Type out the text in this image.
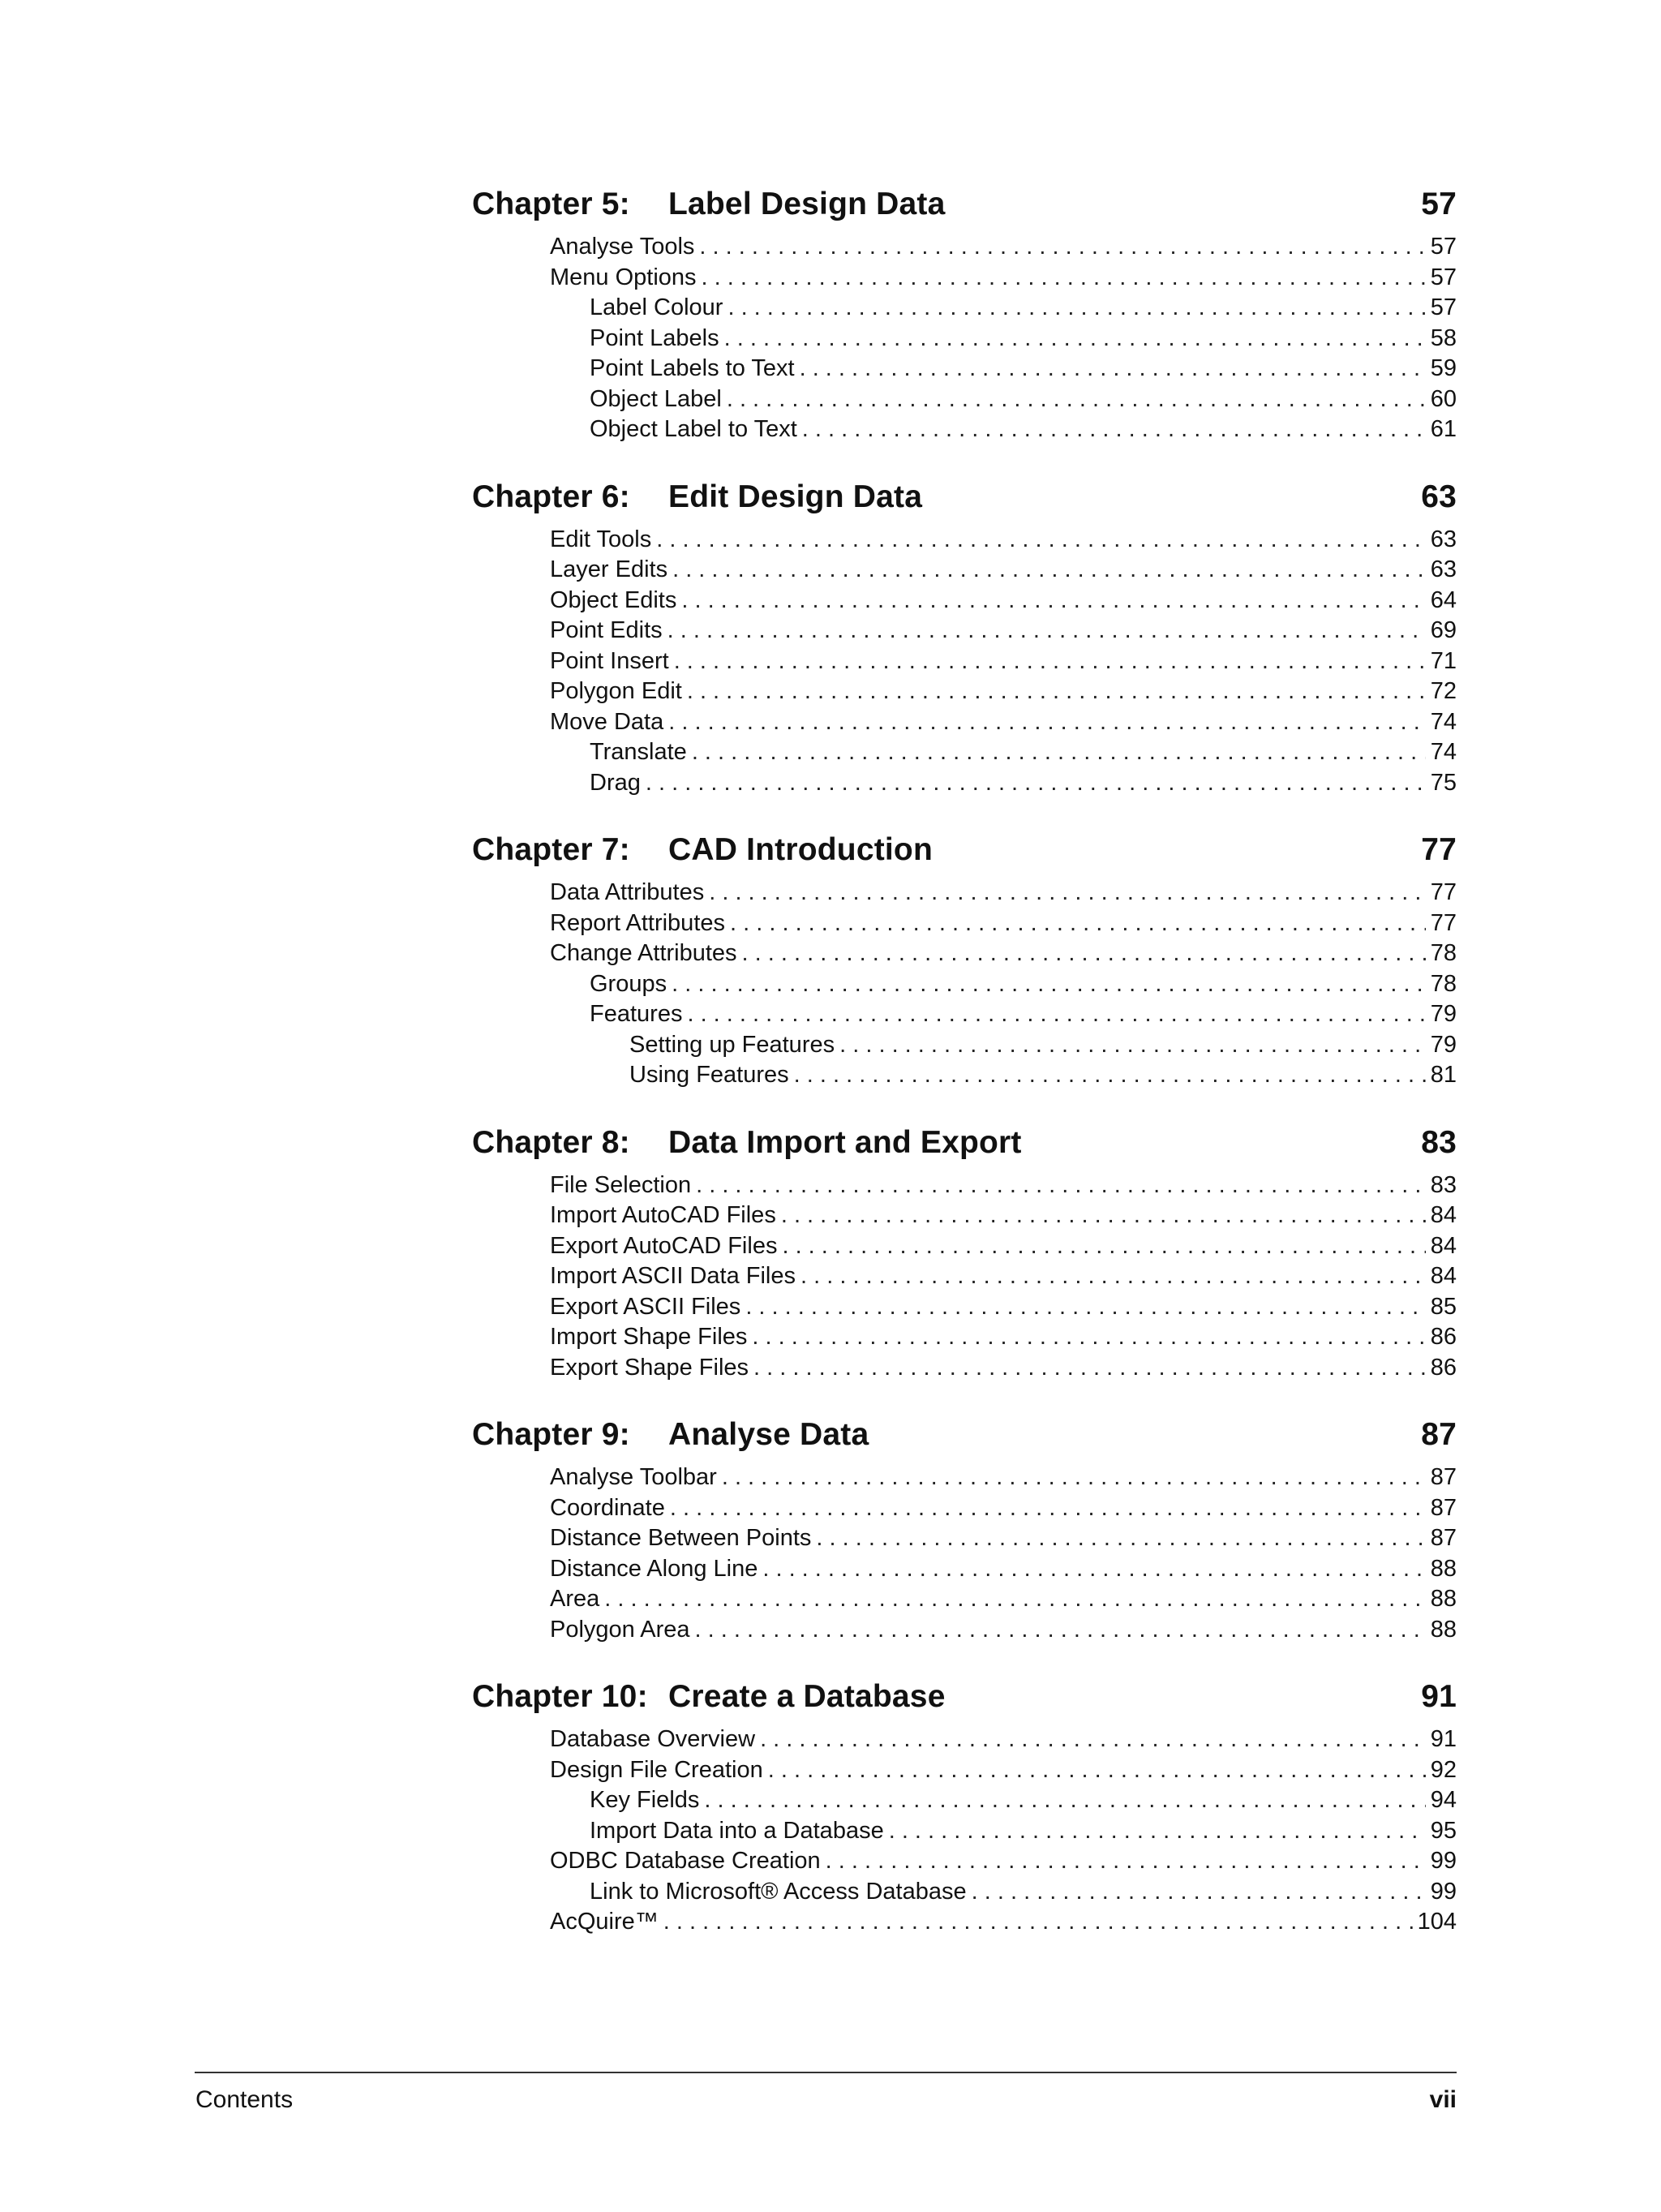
Chapter 5:	Label Design Data	57
Analyse Tools . . .	57
Menu Options . . .	57
Label Colour . . .	57
Point Labels . . .	58
Point Labels to Text . . .	59
Object Label . . .	60
Object Label to Text . . .	61
Chapter 6:	Edit Design Data	63
Edit Tools . . .	63
Layer Edits . . .	63
Object Edits . . .	64
Point Edits . . .	69
Point Insert . . .	71
Polygon Edit . . .	72
Move Data . . .	74
Translate . . .	74
Drag . . .	75
Chapter 7:	CAD Introduction	77
Data Attributes . . .	77
Report Attributes . . .	77
Change Attributes . . .	78
Groups . . .	78
Features . . .	79
Setting up Features . . .	79
Using Features . . .	81
Chapter 8:	Data Import and Export	83
File Selection . . .	83
Import AutoCAD Files . . .	84
Export AutoCAD Files . . .	84
Import ASCII Data Files . . .	84
Export ASCII Files . . .	85
Import Shape Files . . .	86
Export Shape Files . . .	86
Chapter 9:	Analyse Data	87
Analyse Toolbar . . .	87
Coordinate . . .	87
Distance Between Points . . .	87
Distance Along Line . . .	88
Area . . .	88
Polygon Area . . .	88
Chapter 10: Create a Database	91
Database Overview . . .	91
Design File Creation . . .	92
Key Fields . . .	94
Import Data into a Database . . .	95
ODBC Database Creation . . .	99
Link to Microsoft® Access Database . . .	99
AcQuire™ . . .	104
Contents	vii
